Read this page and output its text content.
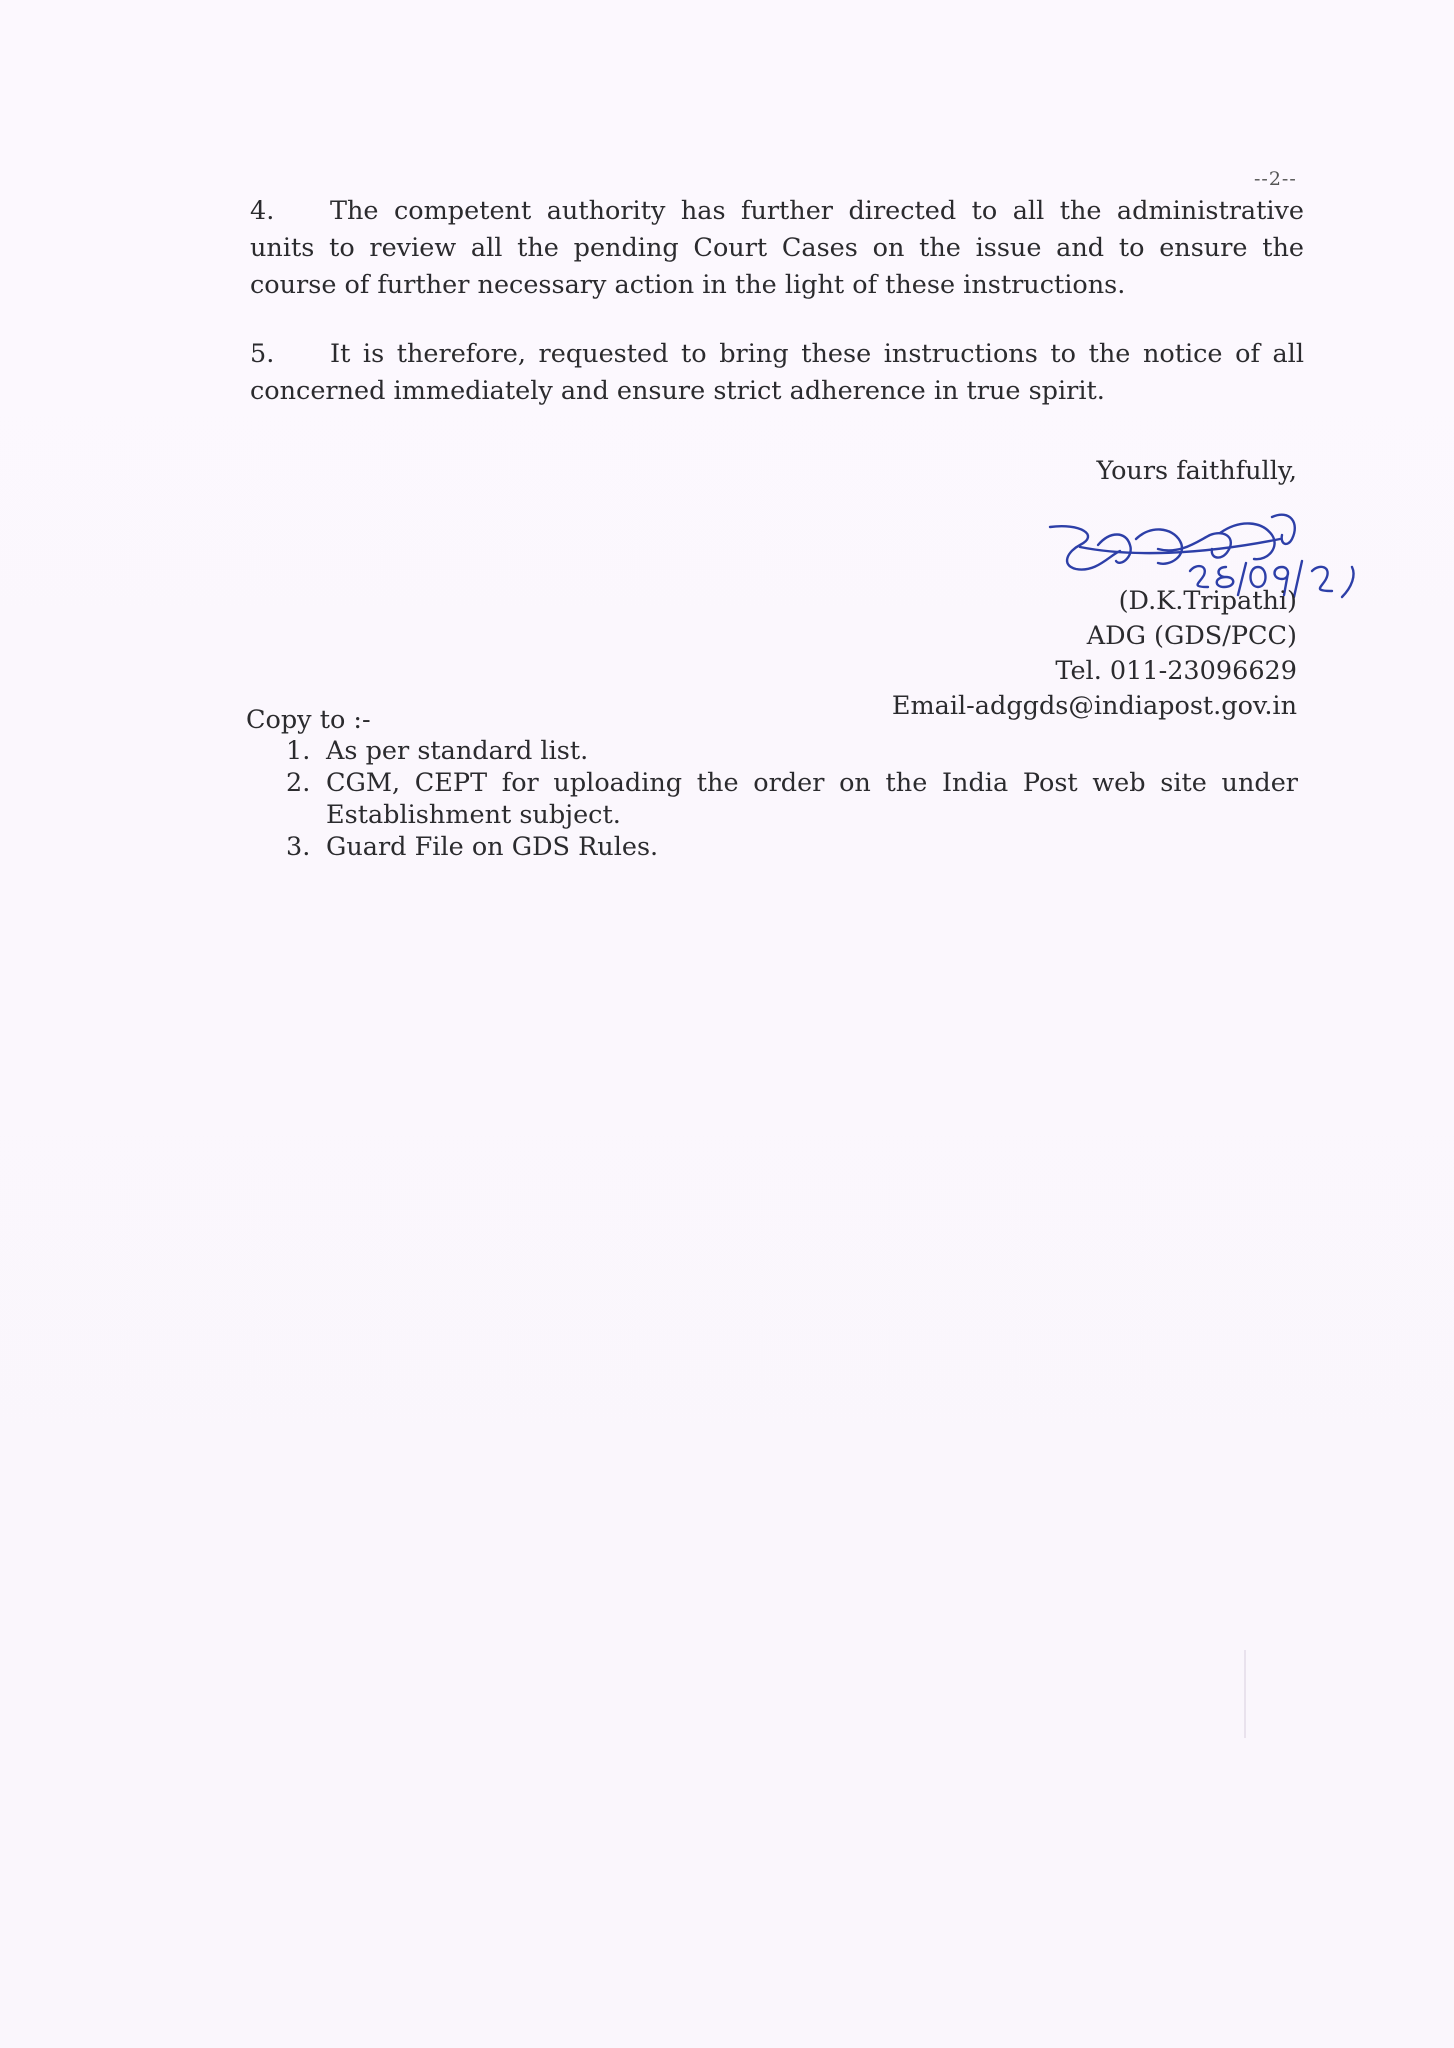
--2--
4. The competent authority has further directed to all the administrative units to review all the pending Court Cases on the issue and to ensure the course of further necessary action in the light of these instructions.
5. It is therefore, requested to bring these instructions to the notice of all concerned immediately and ensure strict adherence in true spirit.
Yours faithfully,
(D.K.Tripathi)
ADG (GDS/PCC)
Tel. 011-23096629
Email-adggds@indiapost.gov.in
Copy to :-
1. As per standard list.
2. CGM, CEPT for uploading the order on the India Post web site under Establishment subject.
3. Guard File on GDS Rules.
